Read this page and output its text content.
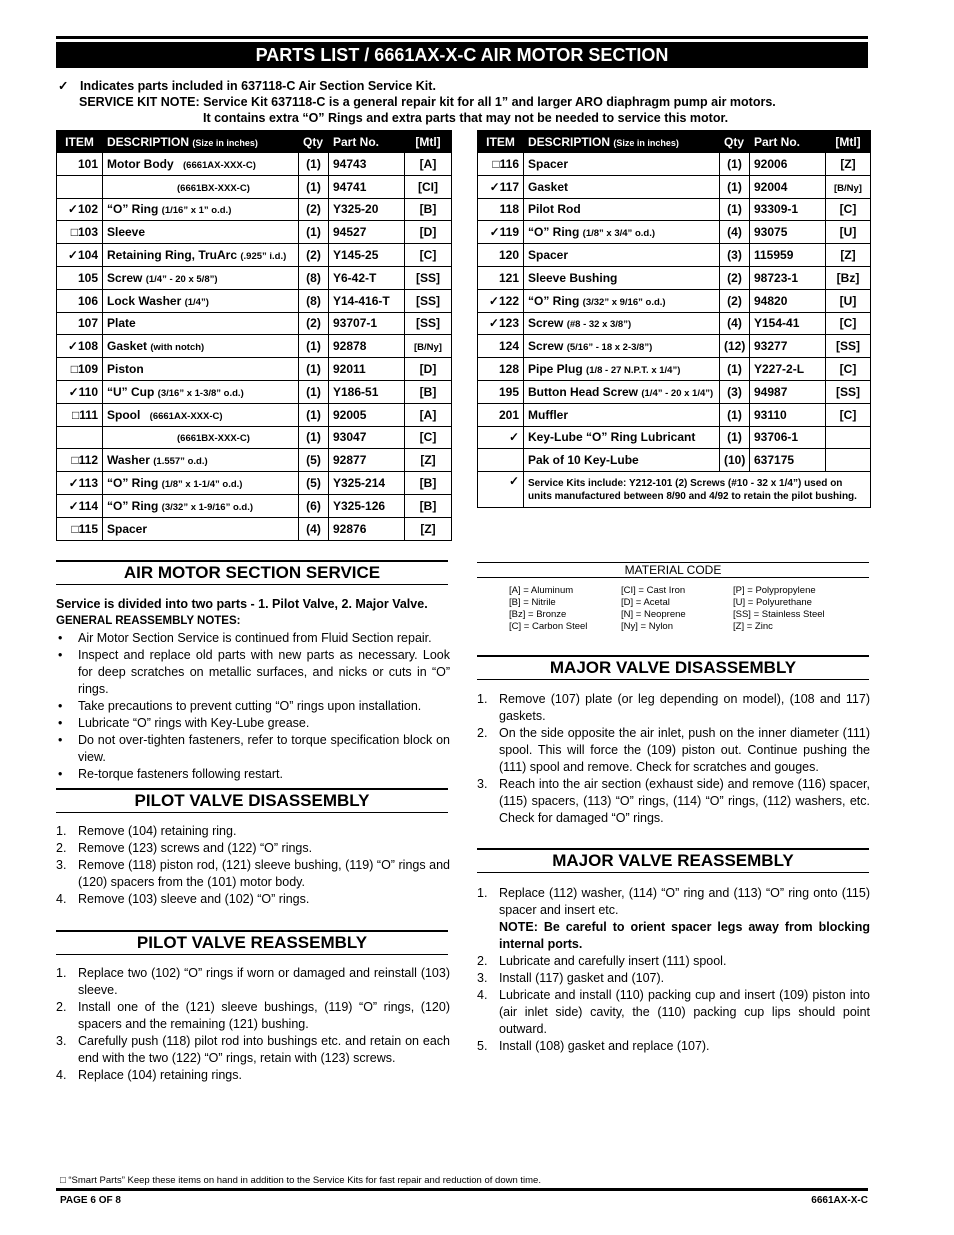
PARTS LIST / 6661AX-X-C AIR MOTOR SECTION
✓ Indicates parts included in 637118-C Air Section Service Kit.
SERVICE KIT NOTE: Service Kit 637118-C is a general repair kit for all 1” and larger ARO diaphragm pump air motors.
It contains extra “O” Rings and extra parts that may not be needed to service this motor.
ITEM	DESCRIPTION (Size in inches)	Qty	Part No.	[Mtl]
101	Motor Body (6661AX-XXX-C)	(1)	94743	[A]
	(6661BX-XXX-C)	(1)	94741	[CI]
✓102	“O” Ring (1/16” x 1” o.d.)	(2)	Y325-20	[B]
□103	Sleeve	(1)	94527	[D]
✓104	Retaining Ring, TruArc (.925” i.d.)	(2)	Y145-25	[C]
105	Screw (1/4” - 20 x 5/8”)	(8)	Y6-42-T	[SS]
106	Lock Washer (1/4”)	(8)	Y14-416-T	[SS]
107	Plate	(2)	93707-1	[SS]
✓108	Gasket (with notch)	(1)	92878	[B/Ny]
□109	Piston	(1)	92011	[D]
✓110	“U” Cup (3/16” x 1-3/8” o.d.)	(1)	Y186-51	[B]
□111	Spool (6661AX-XXX-C)	(1)	92005	[A]
	(6661BX-XXX-C)	(1)	93047	[C]
□112	Washer (1.557” o.d.)	(5)	92877	[Z]
✓113	“O” Ring (1/8” x 1-1/4” o.d.)	(5)	Y325-214	[B]
✓114	“O” Ring (3/32” x 1-9/16” o.d.)	(6)	Y325-126	[B]
□115	Spacer	(4)	92876	[Z]
ITEM	DESCRIPTION (Size in inches)	Qty	Part No.	[Mtl]
□116	Spacer	(1)	92006	[Z]
✓117	Gasket	(1)	92004	[B/Ny]
118	Pilot Rod	(1)	93309-1	[C]
✓119	“O” Ring (1/8” x 3/4” o.d.)	(4)	93075	[U]
120	Spacer	(3)	115959	[Z]
121	Sleeve Bushing	(2)	98723-1	[Bz]
✓122	“O” Ring (3/32” x 9/16” o.d.)	(2)	94820	[U]
✓123	Screw (#8 - 32 x 3/8”)	(4)	Y154-41	[C]
124	Screw (5/16” - 18 x 2-3/8”)	(12)	93277	[SS]
128	Pipe Plug (1/8 - 27 N.P.T. x 1/4”)	(1)	Y227-2-L	[C]
195	Button Head Screw (1/4” - 20 x 1/4”)	(3)	94987	[SS]
201	Muffler	(1)	93110	[C]
✓	Key-Lube “O” Ring Lubricant	(1)	93706-1	
	Pak of 10 Key-Lube	(10)	637175	
✓	Service Kits include: Y212-101 (2) Screws (#10 - 32 x 1/4”) used on units manufactured between 8/90 and 4/92 to retain the pilot bushing.			
AIR MOTOR SECTION SERVICE
Service is divided into two parts - 1. Pilot Valve, 2. Major Valve.
GENERAL REASSEMBLY NOTES:
•	Air Motor Section Service is continued from Fluid Section repair.
•	Inspect and replace old parts with new parts as necessary. Look for deep scratches on metallic surfaces, and nicks or cuts in “O” rings.
•	Take precautions to prevent cutting “O” rings upon installation.
•	Lubricate “O” rings with Key-Lube grease.
•	Do not over-tighten fasteners, refer to torque specification block on view.
•	Re-torque fasteners following restart.
PILOT VALVE DISASSEMBLY
1. Remove (104) retaining ring.
2. Remove (123) screws and (122) “O” rings.
3. Remove (118) piston rod, (121) sleeve bushing, (119) “O” rings and (120) spacers from the (101) motor body.
4. Remove (103) sleeve and (102) “O” rings.
PILOT VALVE REASSEMBLY
1. Replace two (102) “O” rings if worn or damaged and reinstall (103) sleeve.
2. Install one of the (121) sleeve bushings, (119) “O” rings, (120) spacers and the remaining (121) bushing.
3. Carefully push (118) pilot rod into bushings etc. and retain on each end with the two (122) “O” rings, retain with (123) screws.
4. Replace (104) retaining rings.
MATERIAL CODE
[A] = Aluminum
[B] = Nitrile
[Bz] = Bronze
[C] = Carbon Steel
[CI] = Cast Iron
[D] = Acetal
[N] = Neoprene
[Ny] = Nylon
[P] = Polypropylene
[U] = Polyurethane
[SS] = Stainless Steel
[Z] = Zinc
MAJOR VALVE DISASSEMBLY
1. Remove (107) plate (or leg depending on model), (108 and 117) gaskets.
2. On the side opposite the air inlet, push on the inner diameter (111) spool. This will force the (109) piston out. Continue pushing the (111) spool and remove. Check for scratches and gouges.
3. Reach into the air section (exhaust side) and remove (116) spacer, (115) spacers, (113) “O” rings, (114) “O” rings, (112) washers, etc. Check for damaged “O” rings.
MAJOR VALVE REASSEMBLY
1. Replace (112) washer, (114) “O” ring and (113) “O” ring onto (115) spacer and insert etc.
NOTE: Be careful to orient spacer legs away from blocking internal ports.
2. Lubricate and carefully insert (111) spool.
3. Install (117) gasket and (107).
4. Lubricate and install (110) packing cup and insert (109) piston into (air inlet side) cavity, the (110) packing cup lips should point outward.
5. Install (108) gasket and replace (107).
□ “Smart Parts” Keep these items on hand in addition to the Service Kits for fast repair and reduction of down time.
PAGE 6 OF 8	6661AX-X-C
